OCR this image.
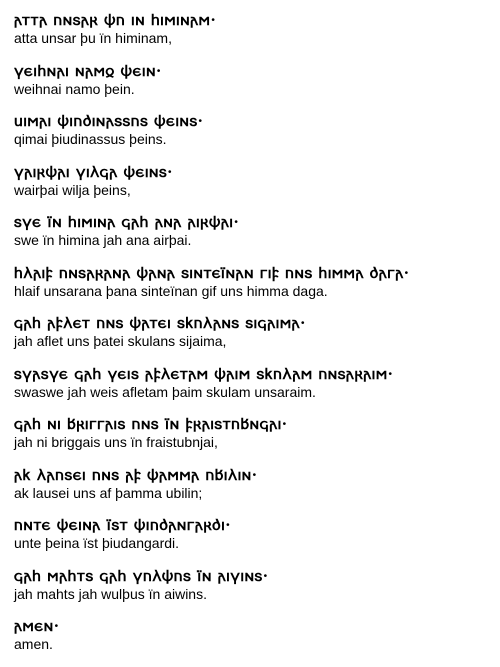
𐌰𐍄𐍄𐌰 𐌿𐌽𐍃𐌰𐍂 𐌸𐌿 𐌹𐌽 𐌷𐌹𐌼𐌹𐌽𐌰𐌼·
atta unsar þu ïn himinam,
𐍅𐌴𐌹𐌷𐌽𐌰𐌹 𐌽𐌰𐌼𐍉 𐌸𐌴𐌹𐌽·
weihnai namo þein.
𐌵𐌹𐌼𐌰𐌹 𐌸𐌹𐌿𐌳𐌹𐌽𐌰𐍃𐍃𐌿𐍃 𐌸𐌴𐌹𐌽𐍃·
qimai þiudinassus þeins.
𐍅𐌰𐌹𐍂𐌸𐌰𐌹 𐍅𐌹𐌻𐌾𐌰 𐌸𐌴𐌹𐌽𐍃·
wairþai wilja þeins,
𐍃𐍅𐌴 𐌹̈𐌽 𐌷𐌹𐌼𐌹𐌽𐌰 𐌾𐌰𐌷 𐌰𐌽𐌰 𐌰𐌹𐍂𐌸𐌰𐌹·
swe ïn himina jah ana airþai.
𐌷𐌻𐌰𐌹𐍆 𐌿𐌽𐍃𐌰𐍂𐌰𐌽𐌰 𐌸𐌰𐌽𐌰 𐍃𐌹𐌽𐍄𐌴𐌹̈𐌽𐌰𐌽 𐌲𐌹𐍆 𐌿𐌽𐍃 𐌷𐌹𐌼𐌼𐌰 𐌳𐌰𐌲𐌰·
hlaif unsarana þana sinteïnan gif uns himma daga.
𐌾𐌰𐌷 𐌰𐍆𐌻𐌴𐍄 𐌿𐌽𐍃 𐌸𐌰𐍄𐌴𐌹 𐍃𐌺𐌿𐌻𐌰𐌽𐍃 𐍃𐌹𐌾𐌰𐌹𐌼𐌰·
jah aflet uns þatei skulans sijaima,
𐍃𐍅𐌰𐍃𐍅𐌴 𐌾𐌰𐌷 𐍅𐌴𐌹𐍃 𐌰𐍆𐌻𐌴𐍄𐌰𐌼 𐌸𐌰𐌹𐌼 𐍃𐌺𐌿𐌻𐌰𐌼 𐌿𐌽𐍃𐌰𐍂𐌰𐌹𐌼·
swaswe jah weis afletam þaim skulam unsaraim.
𐌾𐌰𐌷 𐌽𐌹 𐌱𐍂𐌹𐌲𐌲𐌰𐌹𐍃 𐌿𐌽𐍃 𐌹̈𐌽 𐍆𐍂𐌰𐌹𐍃𐍄𐌿𐌱𐌽𐌾𐌰𐌹·
jah ni briggais uns ïn fraistubnjai,
𐌰𐌺 𐌻𐌰𐌿𐍃𐌴𐌹 𐌿𐌽𐍃 𐌰𐍆 𐌸𐌰𐌼𐌼𐌰 𐌿𐌱𐌹𐌻𐌹𐌽·
ak lausei uns af þamma ubilin;
𐌿𐌽𐍄𐌴 𐌸𐌴𐌹𐌽𐌰 𐌹̈𐍃𐍄 𐌸𐌹𐌿𐌳𐌰𐌽𐌲𐌰𐍂𐌳𐌹·
unte þeina ïst þiudangardi.
𐌾𐌰𐌷 𐌼𐌰𐌷𐍄𐍃 𐌾𐌰𐌷 𐍅𐌿𐌻𐌸𐌿𐍃 𐌹̈𐌽 𐌰𐌹𐍅𐌹𐌽𐍃·
jah mahts jah wulþus ïn aiwins.
𐌰𐌼𐌴𐌽·
amen.
